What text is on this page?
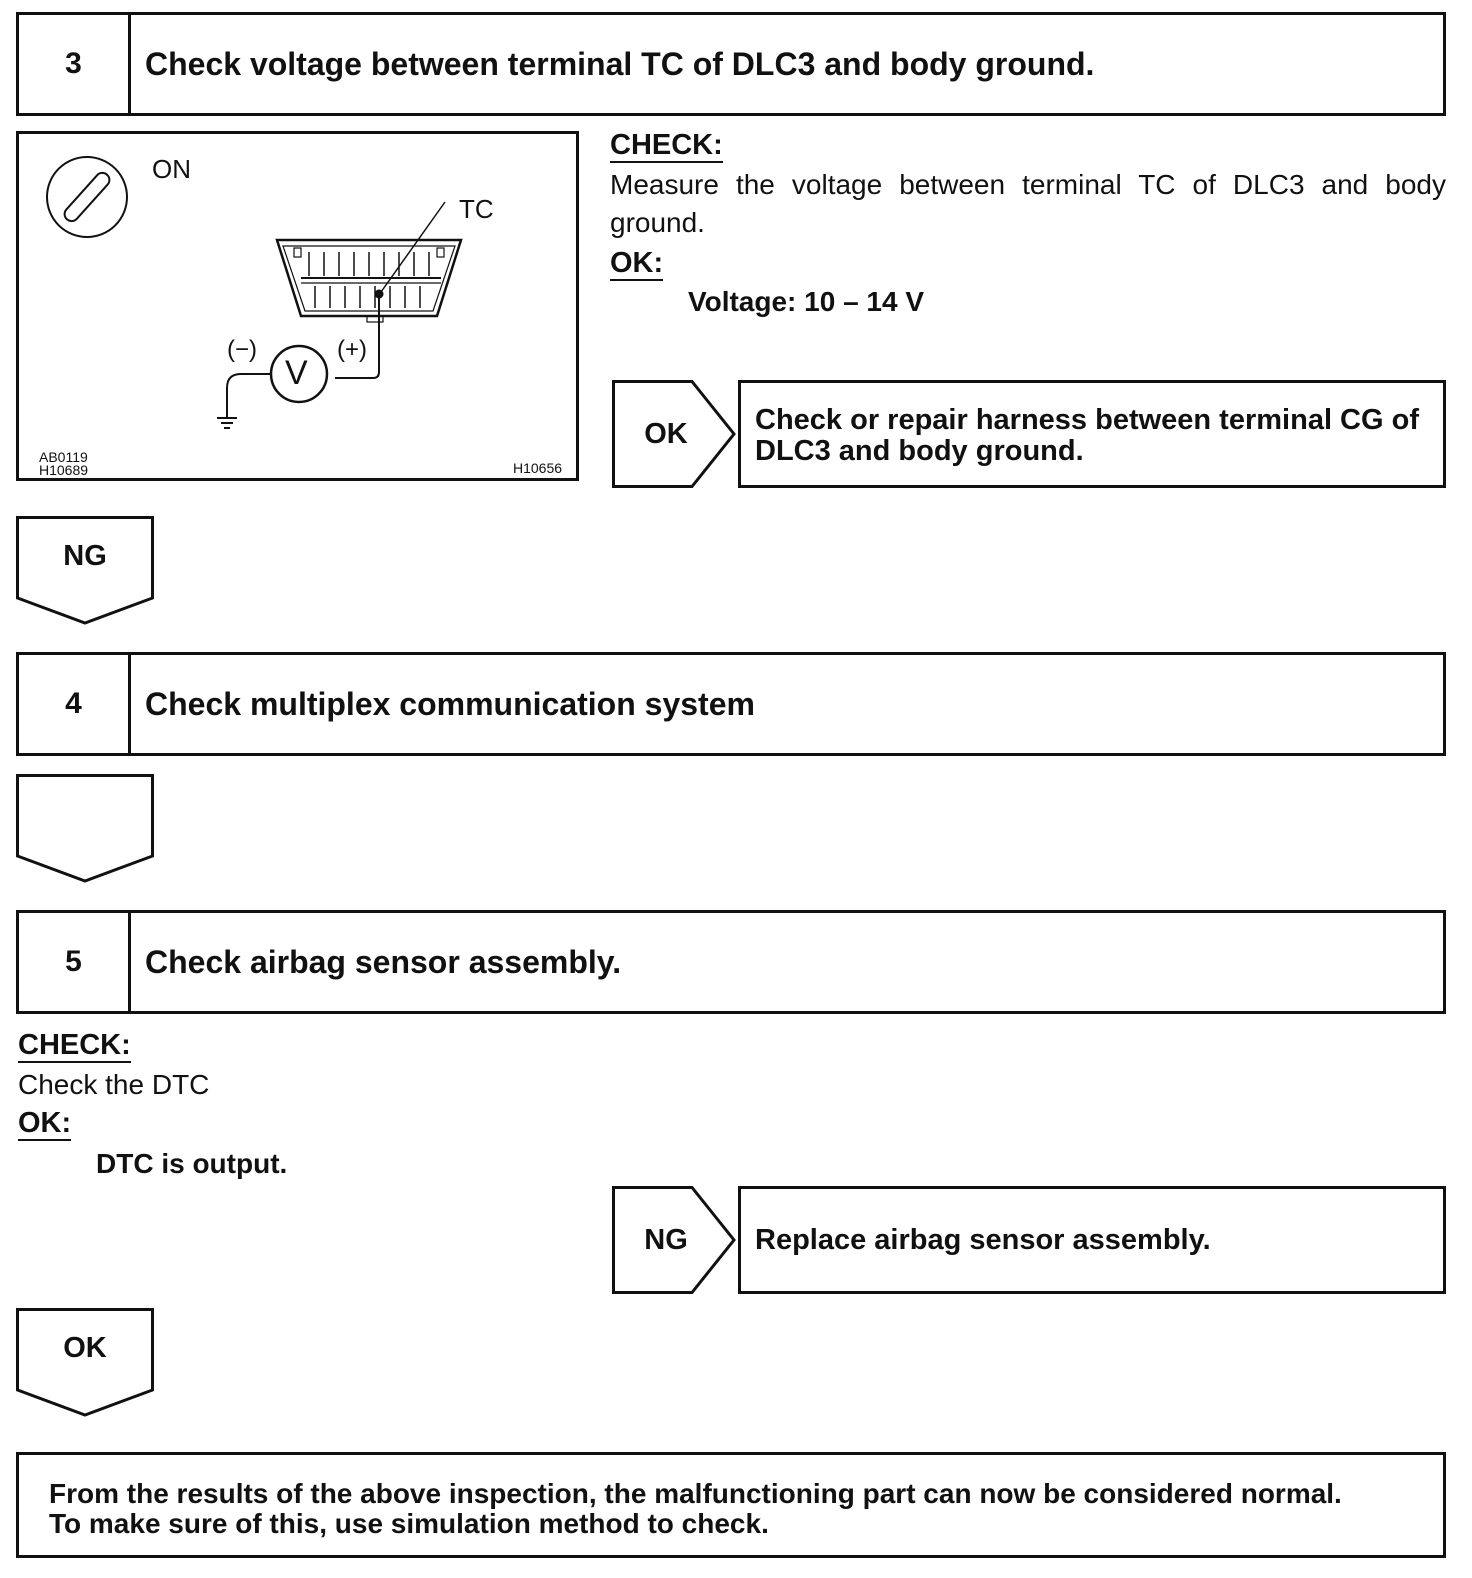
3	Check voltage between terminal TC of DLC3 and body ground.
ON
TC
(−)	(+)
V
AB0119
H10689	H10656
CHECK:
Measure the voltage between terminal TC of DLC3 and body ground.
OK:
Voltage: 10 – 14 V
OK	Check or repair harness between terminal CG of
DLC3 and body ground.
NG
4	Check multiplex communication system
5	Check airbag sensor assembly.
CHECK:
Check the DTC
OK:
DTC is output.
NG	Replace airbag sensor assembly.
OK
From the results of the above inspection, the malfunctioning part can now be considered normal.
To make sure of this, use simulation method to check.
